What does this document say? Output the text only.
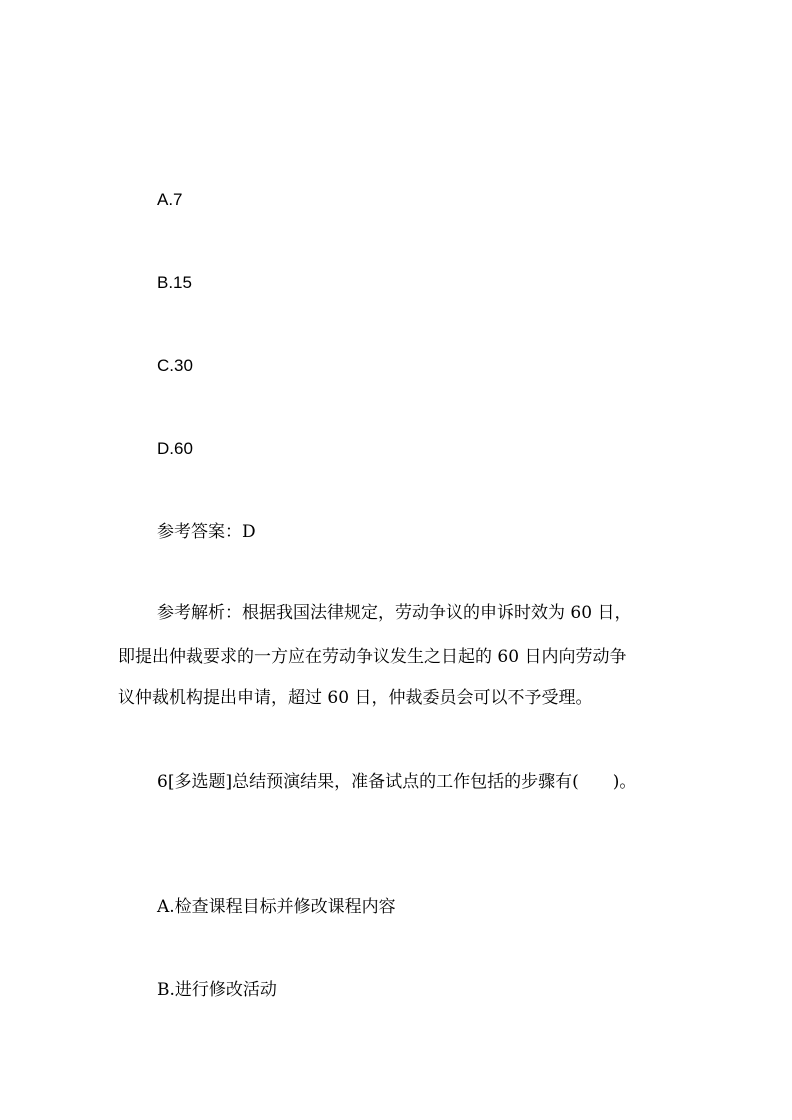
A.7
B.15
C.30
D.60
参考答案：D
参考解析：根据我国法律规定，劳动争议的申诉时效为 60 日，
即提出仲裁要求的一方应在劳动争议发生之日起的 60 日内向劳动争
议仲裁机构提出申请，超过 60 日，仲裁委员会可以不予受理。
6[多选题]总结预演结果，准备试点的工作包括的步骤有(　　)。
A.检查课程目标并修改课程内容
B.进行修改活动
